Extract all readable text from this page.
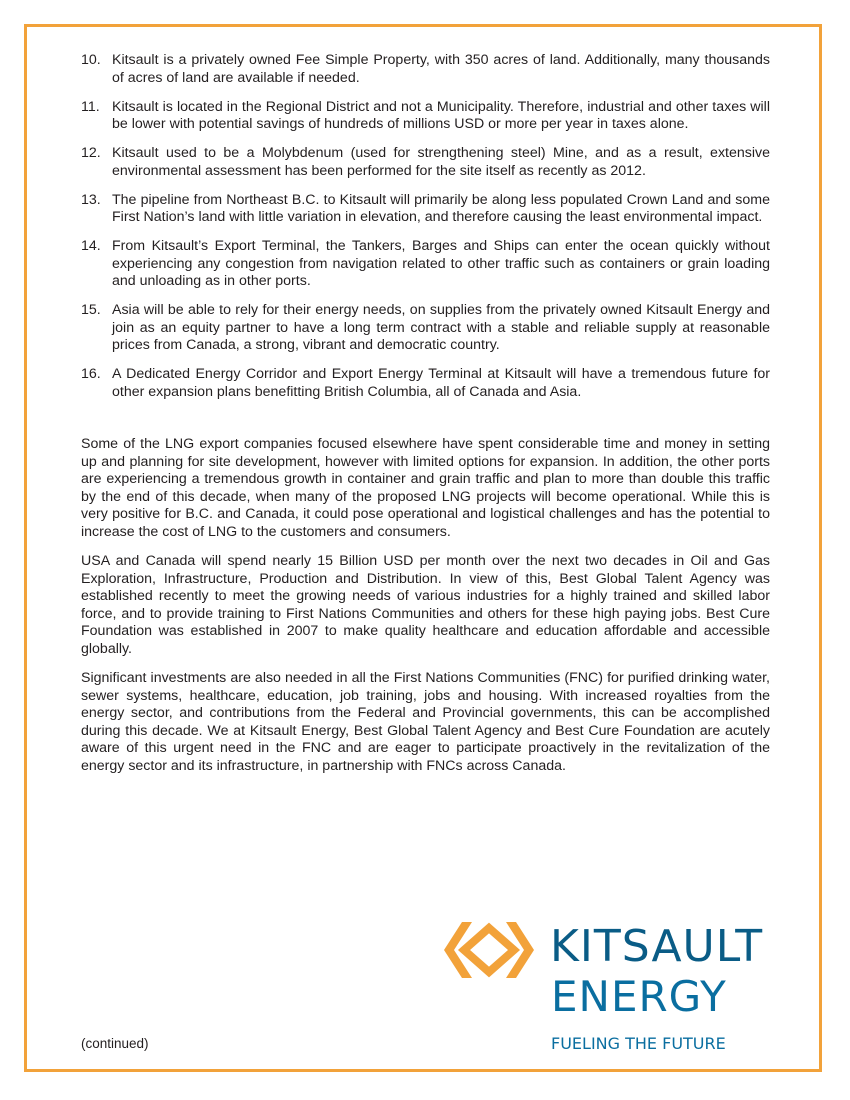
10. Kitsault is a privately owned Fee Simple Property, with 350 acres of land. Additionally, many thousands of acres of land are available if needed.
11. Kitsault is located in the Regional District and not a Municipality. Therefore, industrial and other taxes will be lower with potential savings of hundreds of millions USD or more per year in taxes alone.
12. Kitsault used to be a Molybdenum (used for strengthening steel) Mine, and as a result, extensive environmental assessment has been performed for the site itself as recently as 2012.
13. The pipeline from Northeast B.C. to Kitsault will primarily be along less populated Crown Land and some First Nation’s land with little variation in elevation, and therefore causing the least environmental impact.
14. From Kitsault’s Export Terminal, the Tankers, Barges and Ships can enter the ocean quickly without experiencing any congestion from navigation related to other traffic such as containers or grain loading and unloading as in other ports.
15. Asia will be able to rely for their energy needs, on supplies from the privately owned Kitsault Energy and join as an equity partner to have a long term contract with a stable and reliable supply at reasonable prices from Canada, a strong, vibrant and democratic country.
16. A Dedicated Energy Corridor and Export Energy Terminal at Kitsault will have a tremendous future for other expansion plans benefitting British Columbia, all of Canada and Asia.

Some of the LNG export companies focused elsewhere have spent considerable time and money in setting up and planning for site development, however with limited options for expansion. In addition, the other ports are experiencing a tremendous growth in container and grain traffic and plan to more than double this traffic by the end of this decade, when many of the proposed LNG projects will become operational. While this is very positive for B.C. and Canada, it could pose operational and logistical challenges and has the potential to increase the cost of LNG to the customers and consumers.

USA and Canada will spend nearly 15 Billion USD per month over the next two decades in Oil and Gas Exploration, Infrastructure, Production and Distribution. In view of this, Best Global Talent Agency was established recently to meet the growing needs of various industries for a highly trained and skilled labor force, and to provide training to First Nations Communities and others for these high paying jobs. Best Cure Foundation was established in 2007 to make quality healthcare and education affordable and accessible globally.

Significant investments are also needed in all the First Nations Communities (FNC) for purified drinking water, sewer systems, healthcare, education, job training, jobs and housing. With increased royalties from the energy sector, and contributions from the Federal and Provincial governments, this can be accomplished during this decade. We at Kitsault Energy, Best Global Talent Agency and Best Cure Foundation are acutely aware of this urgent need in the FNC and are eager to participate proactively in the revitalization of the energy sector and its infrastructure, in partnership with FNCs across Canada.

KITSAULT
ENERGY
FUELING THE FUTURE
(continued)
